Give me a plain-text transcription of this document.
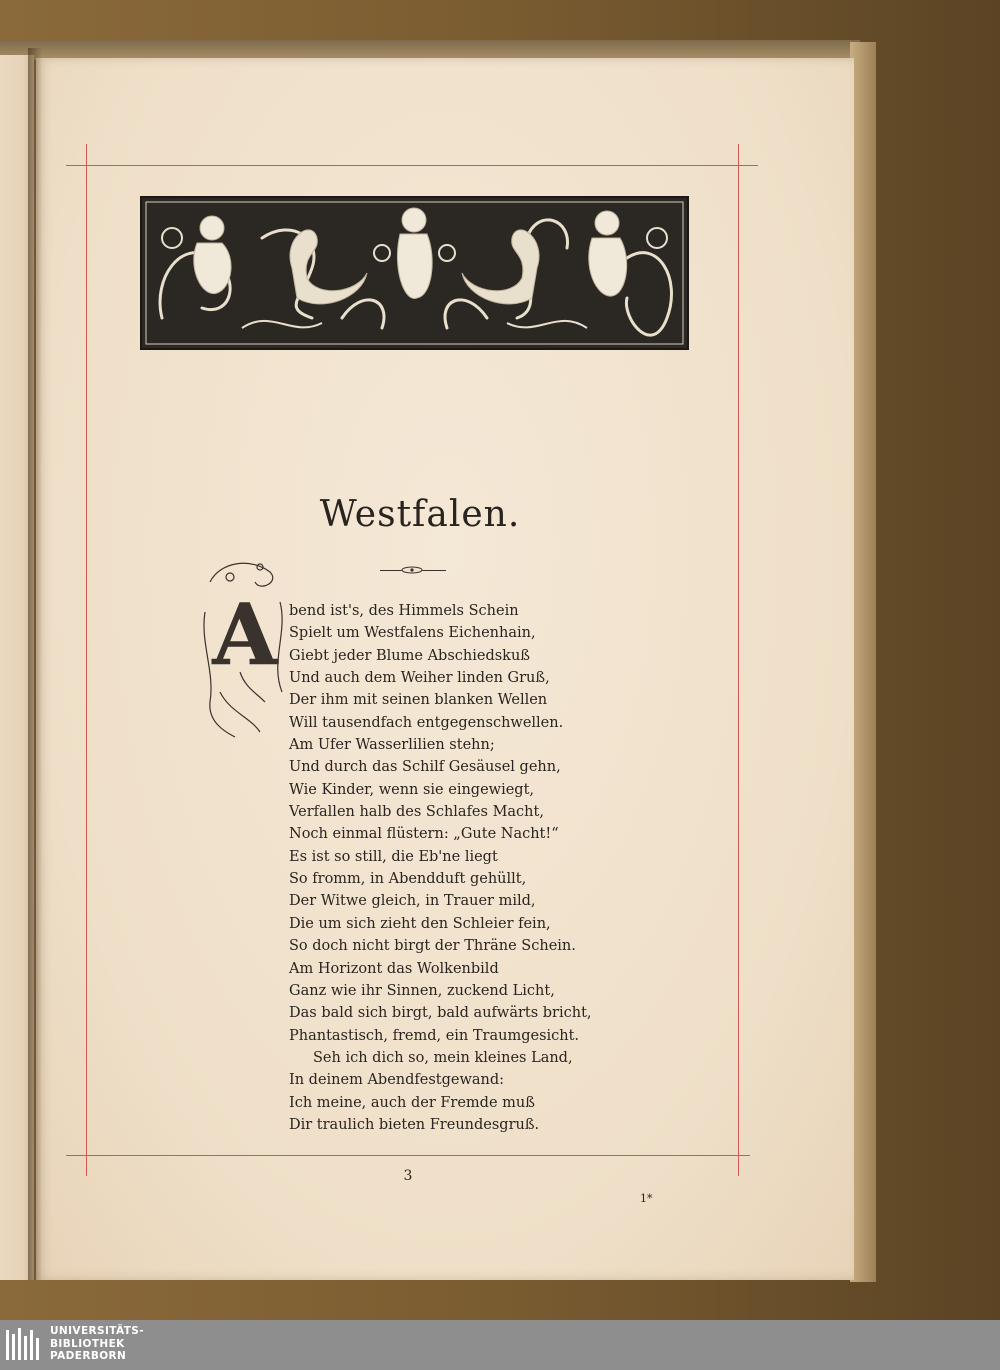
Westfalen.
A bend ist's, des Himmels Schein
Spielt um Westfalens Eichenhain,
Giebt jeder Blume Abschiedskuß
Und auch dem Weiher linden Gruß,
Der ihm mit seinen blanken Wellen
Will tausendfach entgegenschwellen.
Am Ufer Wasserlilien stehn;
Und durch das Schilf Gesäusel gehn,
Wie Kinder, wenn sie eingewiegt,
Verfallen halb des Schlafes Macht,
Noch einmal flüstern: „Gute Nacht!“
Es ist so still, die Eb'ne liegt
So fromm, in Abendduft gehüllt,
Der Witwe gleich, in Trauer mild,
Die um sich zieht den Schleier fein,
So doch nicht birgt der Thräne Schein.
Am Horizont das Wolkenbild
Ganz wie ihr Sinnen, zuckend Licht,
Das bald sich birgt, bald aufwärts bricht,
Phantastisch, fremd, ein Traumgesicht.
Seh ich dich so, mein kleines Land,
In deinem Abendfestgewand:
Ich meine, auch der Fremde muß
Dir traulich bieten Freundesgruß.
3
1*
UNIVERSITÄTS-
BIBLIOTHEK
PADERBORN
